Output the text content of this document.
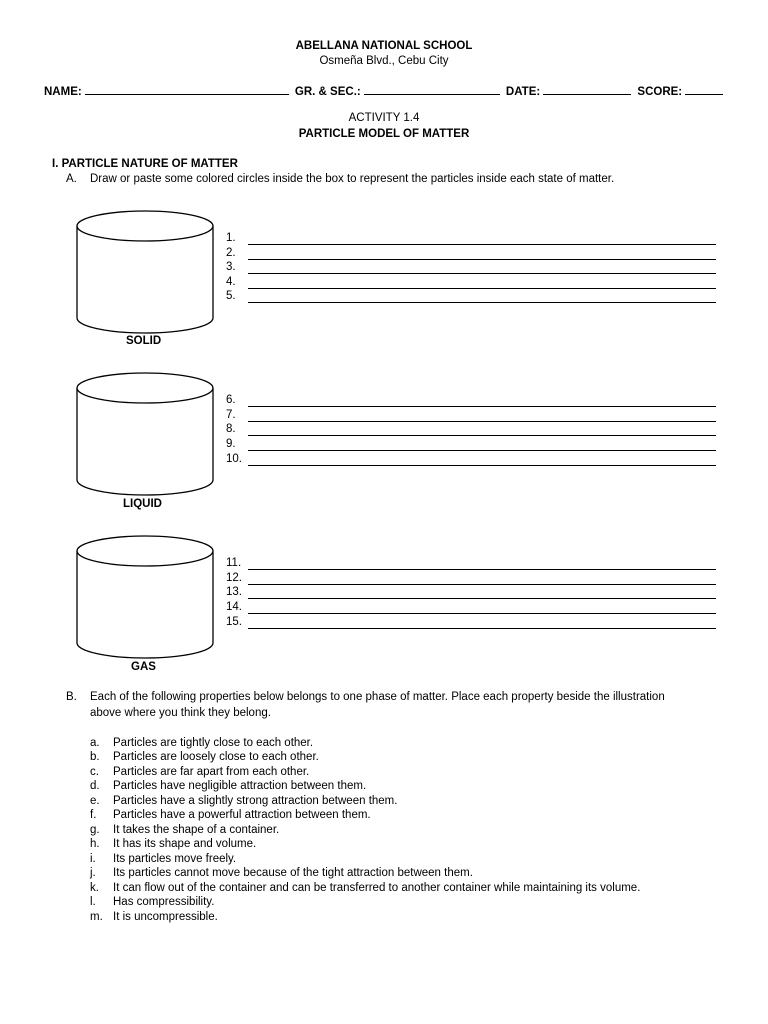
ABELLANA NATIONAL SCHOOL
Osmeña Blvd., Cebu City
NAME:	GR. & SEC.:	DATE:	SCORE:
ACTIVITY 1.4
PARTICLE MODEL OF MATTER
I. PARTICLE NATURE OF MATTER
A. Draw or paste some colored circles inside the box to represent the particles inside each state of matter.
SOLID
1.
2.
3.
4.
5.
LIQUID
6.
7.
8.
9.
10.
GAS
11.
12.
13.
14.
15.
B. Each of the following properties below belongs to one phase of matter. Place each property beside the illustration
above where you think they belong.
a. Particles are tightly close to each other.
b. Particles are loosely close to each other.
c. Particles are far apart from each other.
d. Particles have negligible attraction between them.
e. Particles have a slightly strong attraction between them.
f. Particles have a powerful attraction between them.
g. It takes the shape of a container.
h. It has its shape and volume.
i. Its particles move freely.
j. Its particles cannot move because of the tight attraction between them.
k. It can flow out of the container and can be transferred to another container while maintaining its volume.
l. Has compressibility.
m. It is uncompressible.
